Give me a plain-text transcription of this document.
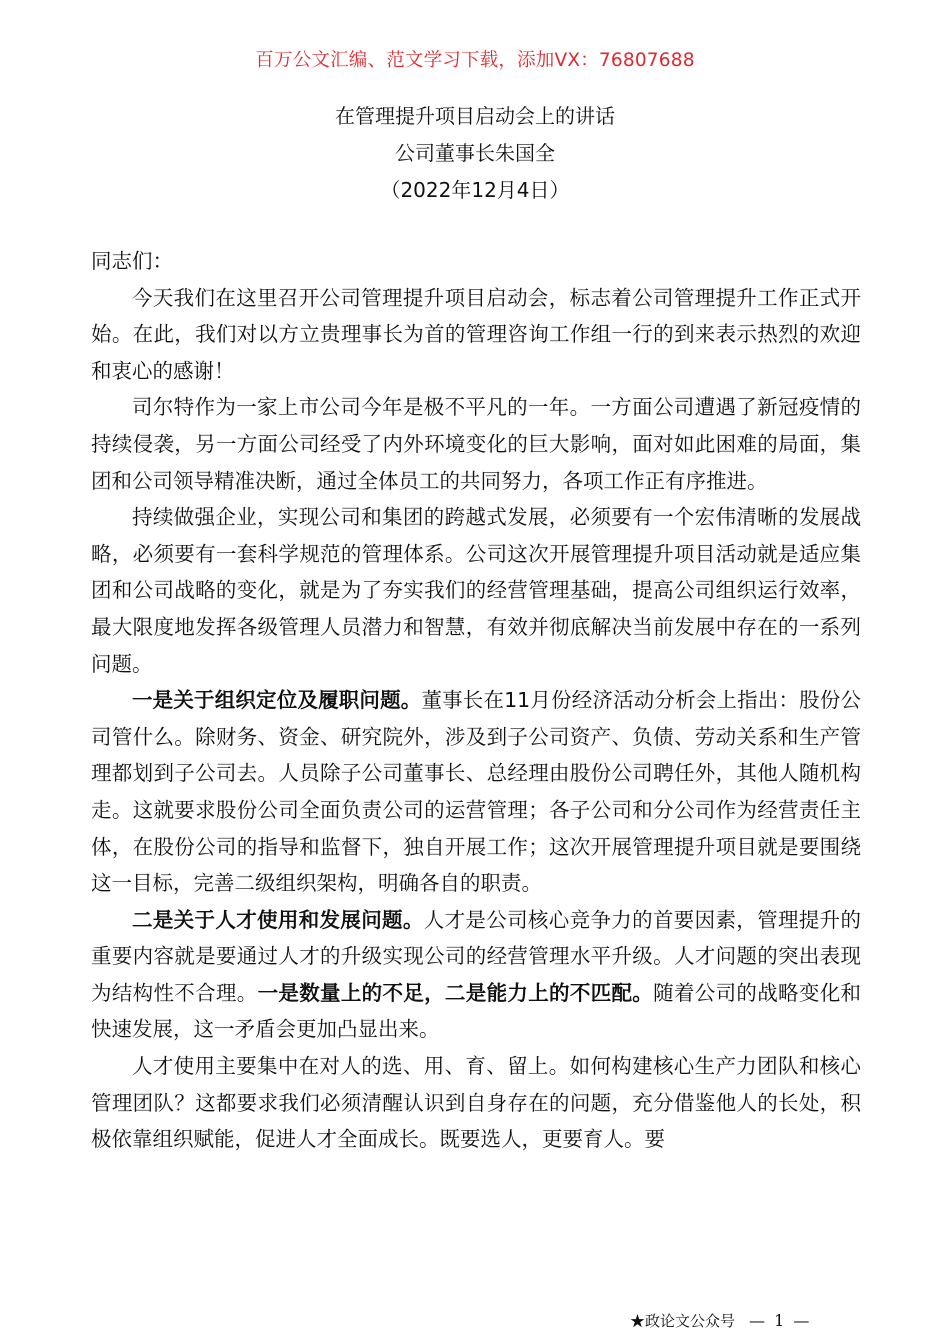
百万公文汇编、范文学习下载，添加VX：76807688
在管理提升项目启动会上的讲话
公司董事长朱国全
（2022年12月4日）

同志们：

今天我们在这里召开公司管理提升项目启动会，标志着公司管理提升工作正式开始。在此，我们对以方立贵理事长为首的管理咨询工作组一行的到来表示热烈的欢迎和衷心的感谢！

司尔特作为一家上市公司今年是极不平凡的一年。一方面公司遭遇了新冠疫情的持续侵袭，另一方面公司经受了内外环境变化的巨大影响，面对如此困难的局面，集团和公司领导精准决断，通过全体员工的共同努力，各项工作正有序推进。

持续做强企业，实现公司和集团的跨越式发展，必须要有一个宏伟清晰的发展战略，必须要有一套科学规范的管理体系。公司这次开展管理提升项目活动就是适应集团和公司战略的变化，就是为了夯实我们的经营管理基础，提高公司组织运行效率，最大限度地发挥各级管理人员潜力和智慧，有效并彻底解决当前发展中存在的一系列问题。

一是关于组织定位及履职问题。董事长在11月份经济活动分析会上指出：股份公司管什么。除财务、资金、研究院外，涉及到子公司资产、负债、劳动关系和生产管理都划到子公司去。人员除子公司董事长、总经理由股份公司聘任外，其他人随机构走。这就要求股份公司全面负责公司的运营管理；各子公司和分公司作为经营责任主体，在股份公司的指导和监督下，独自开展工作；这次开展管理提升项目就是要围绕这一目标，完善二级组织架构，明确各自的职责。

二是关于人才使用和发展问题。人才是公司核心竞争力的首要因素，管理提升的重要内容就是要通过人才的升级实现公司的经营管理水平升级。人才问题的突出表现为结构性不合理。一是数量上的不足，二是能力上的不匹配。随着公司的战略变化和快速发展，这一矛盾会更加凸显出来。

人才使用主要集中在对人的选、用、育、留上。如何构建核心生产力团队和核心管理团队？这都要求我们必须清醒认识到自身存在的问题，充分借鉴他人的长处，积极依靠组织赋能，促进人才全面成长。既要选人，更要育人。要

★政论文公众号 — 1 —
